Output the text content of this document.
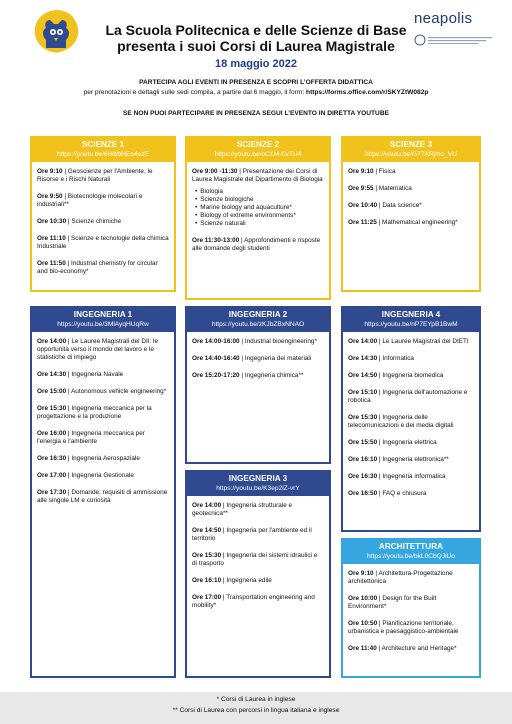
neapolis
La Scuola Politecnica e delle Scienze di Base
presenta i suoi Corsi di Laurea Magistrale
18 maggio 2022
PARTECIPA AGLI EVENTI IN PRESENZA E SCOPRI L’OFFERTA DIDATTICA
per prenotazioni e dettagli sulle sedi compila, a partire dal 6 maggio, il form: https://forms.office.com/r/SKYZtW082p
SE NON PUOI PARTECIPARE IN PRESENZA SEGUI L’EVENTO IN DIRETTA YOUTUBE
SCIENZE 1
https://youtu.be/6WbbNEo4ezE
Ore 9:10 | Geoscienze per l'Ambiente, le Risorse e i Rischi Naturali
Ore 9:50 | Biotecnologie molecolari e industriali**
Ore 10:30 | Scienze chimiche
Ore 11:10 | Scienze e tecnologie della chimica Industriale
Ore 11:50 | Industrial chemistry for circular and bio-economy*
SCIENZE 2
https://youtu.be/oC1M-EvTU4
Ore 9:00 -11:30 | Presentazione dei Corsi di Laurea Magistrale del Dipartimento di Biologia
• Biologia
• Scienze biologiche
• Marine biology and aquaculture*
• Biology of extreme environments*
• Scienze naturali
Ore 11:30-13:00 | Approfondimenti e risposte alle domande degli studenti
SCIENZE 3
https://youtu.be/G77ARjmo_VU
Ore 9:10 | Fisica
Ore 9:55 | Matematica
Ore 10:40 | Data science*
Ore 11:25 | Mathematical engineering*
INGEGNERIA 1
https://youtu.be/3MlAyqHUqRw
Ore 14:00 | Le Lauree Magistrali del DII: le opportunità verso il mondo del lavoro e le statistiche di impiego
Ore 14:30 | Ingegneria Navale
Ore 15:00 | Autonomous vehicle engineering*
Ore 15:30 | Ingegneria meccanica per la progettazione e la produzione
Ore 16:00 | Ingegneria meccanica per l'energia e l'ambiente
Ore 16:30 | Ingegneria Aerospaziale
Ore 17:00 | Ingegneria Gestionale
Ore 17:30 | Domande: requisiti di ammissione alle singole LM e curiosità
INGEGNERIA 2
https://youtu.be/zKJbZBxNNAO
Ore 14:00-16:00 | Industrial bioengineering*
Ore 14:40-16:40 | Ingegneria dei materiali
Ore 15:20-17:20 | Ingegneria chimica**
INGEGNERIA 3
https://youtu.be/K3ep2lZ-vrY
Ore 14:00 | Ingegneria strutturale e geotecnica**
Ore 14:50 | Ingegneria per l'ambiente ed il territorio
Ore 15:30 | Ingegneria dei sistemi idraulici e di trasporto
Ore 16:10 | Ingegneria edile
Ore 17:00 | Transportation engineering and mobility*
INGEGNERIA 4
https://youtu.be/nP7EYpB1BwM
Ore 14:00 | Le Lauree Magistrali del DIETI
Ore 14:30 | Informatica
Ore 14:50 | Ingegneria biomedica
Ore 15:10 | Ingegneria dell'automazione e robotica
Ore 15:30 | Ingegneria delle telecomunicazioni e dei media digitali
Ore 15:50 | Ingegneria elettrica
Ore 16:10 | Ingegneria elettronica**
Ore 16:30 | Ingegneria informatica
Ore 16:50 | FAQ e chiusura
ARCHITETTURA
https://youtu.be/bkL0CbQJlUo
Ore 9:10 | Architettura-Progettazione architettonica
Ore 10:00 | Design for the Built Environment*
Ore 10:50 | Pianificazione territoriale, urbanistica e paesaggistico-ambientale
Ore 11:40 | Architecture and Heritage*
* Corsi di Laurea in inglese
** Corsi di Laurea con percorsi in lingua italiana e inglese
